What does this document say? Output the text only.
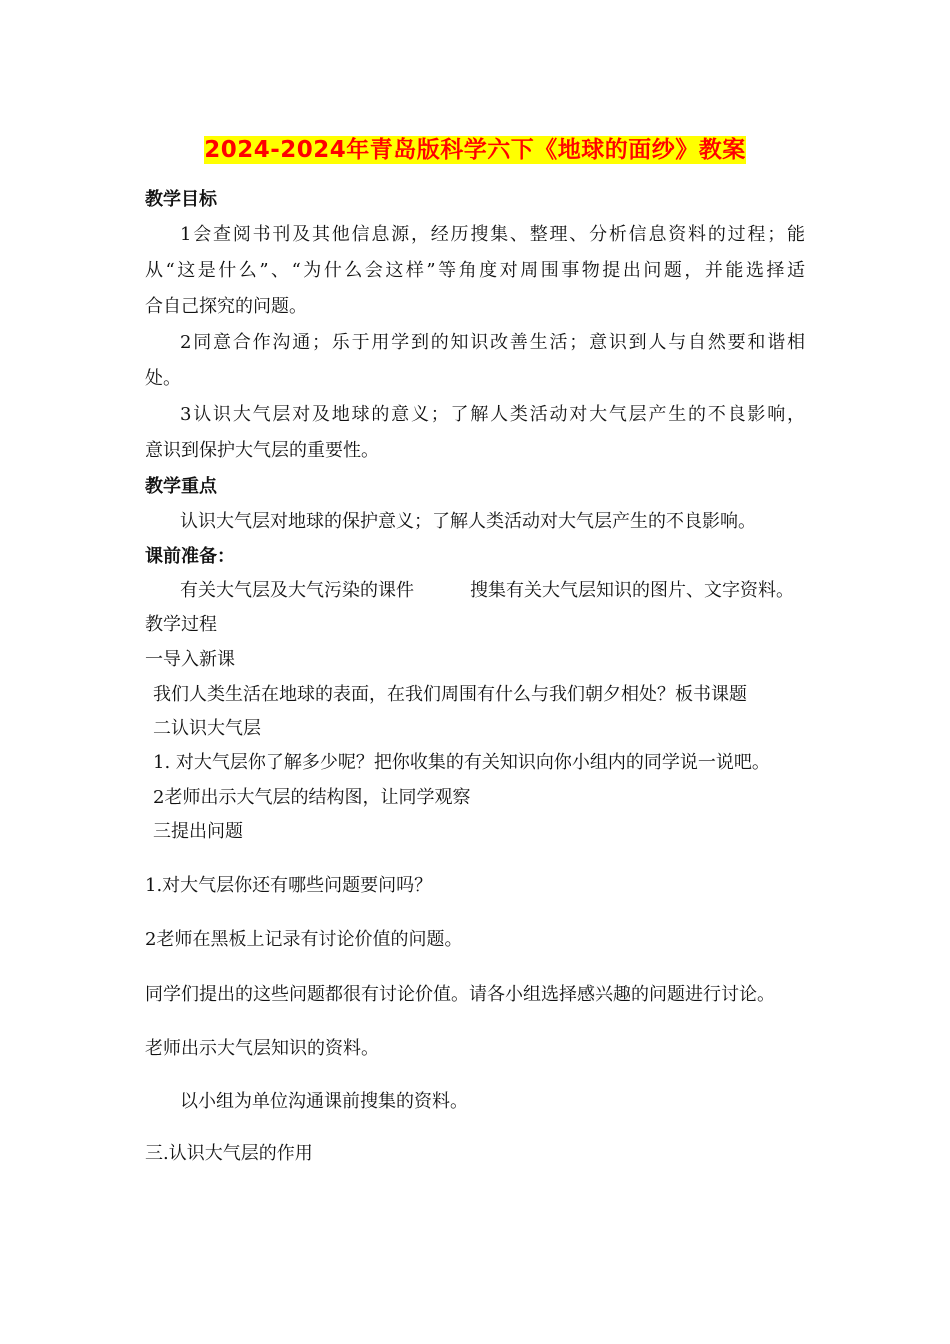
2024-2024年青岛版科学六下《地球的面纱》教案
教学目标
1会查阅书刊及其他信息源，经历搜集、整理、分析信息资料的过程；能
从“这是什么”、“为什么会这样”等角度对周围事物提出问题，并能选择适
合自己探究的问题。
2同意合作沟通；乐于用学到的知识改善生活；意识到人与自然要和谐相
处。
3认识大气层对及地球的意义；了解人类活动对大气层产生的不良影响，
意识到保护大气层的重要性。
教学重点
认识大气层对地球的保护意义；了解人类活动对大气层产生的不良影响。
课前准备：
有关大气层及大气污染的课件	搜集有关大气层知识的图片、文字资料。
教学过程
一导入新课
我们人类生活在地球的表面，在我们周围有什么与我们朝夕相处？板书课题
二认识大气层
1. 对大气层你了解多少呢？把你收集的有关知识向你小组内的同学说一说吧。
2老师出示大气层的结构图，让同学观察
三提出问题
1.对大气层你还有哪些问题要问吗？
2老师在黑板上记录有讨论价值的问题。
同学们提出的这些问题都很有讨论价值。请各小组选择感兴趣的问题进行讨论。
老师出示大气层知识的资料。
以小组为单位沟通课前搜集的资料。
三.认识大气层的作用
